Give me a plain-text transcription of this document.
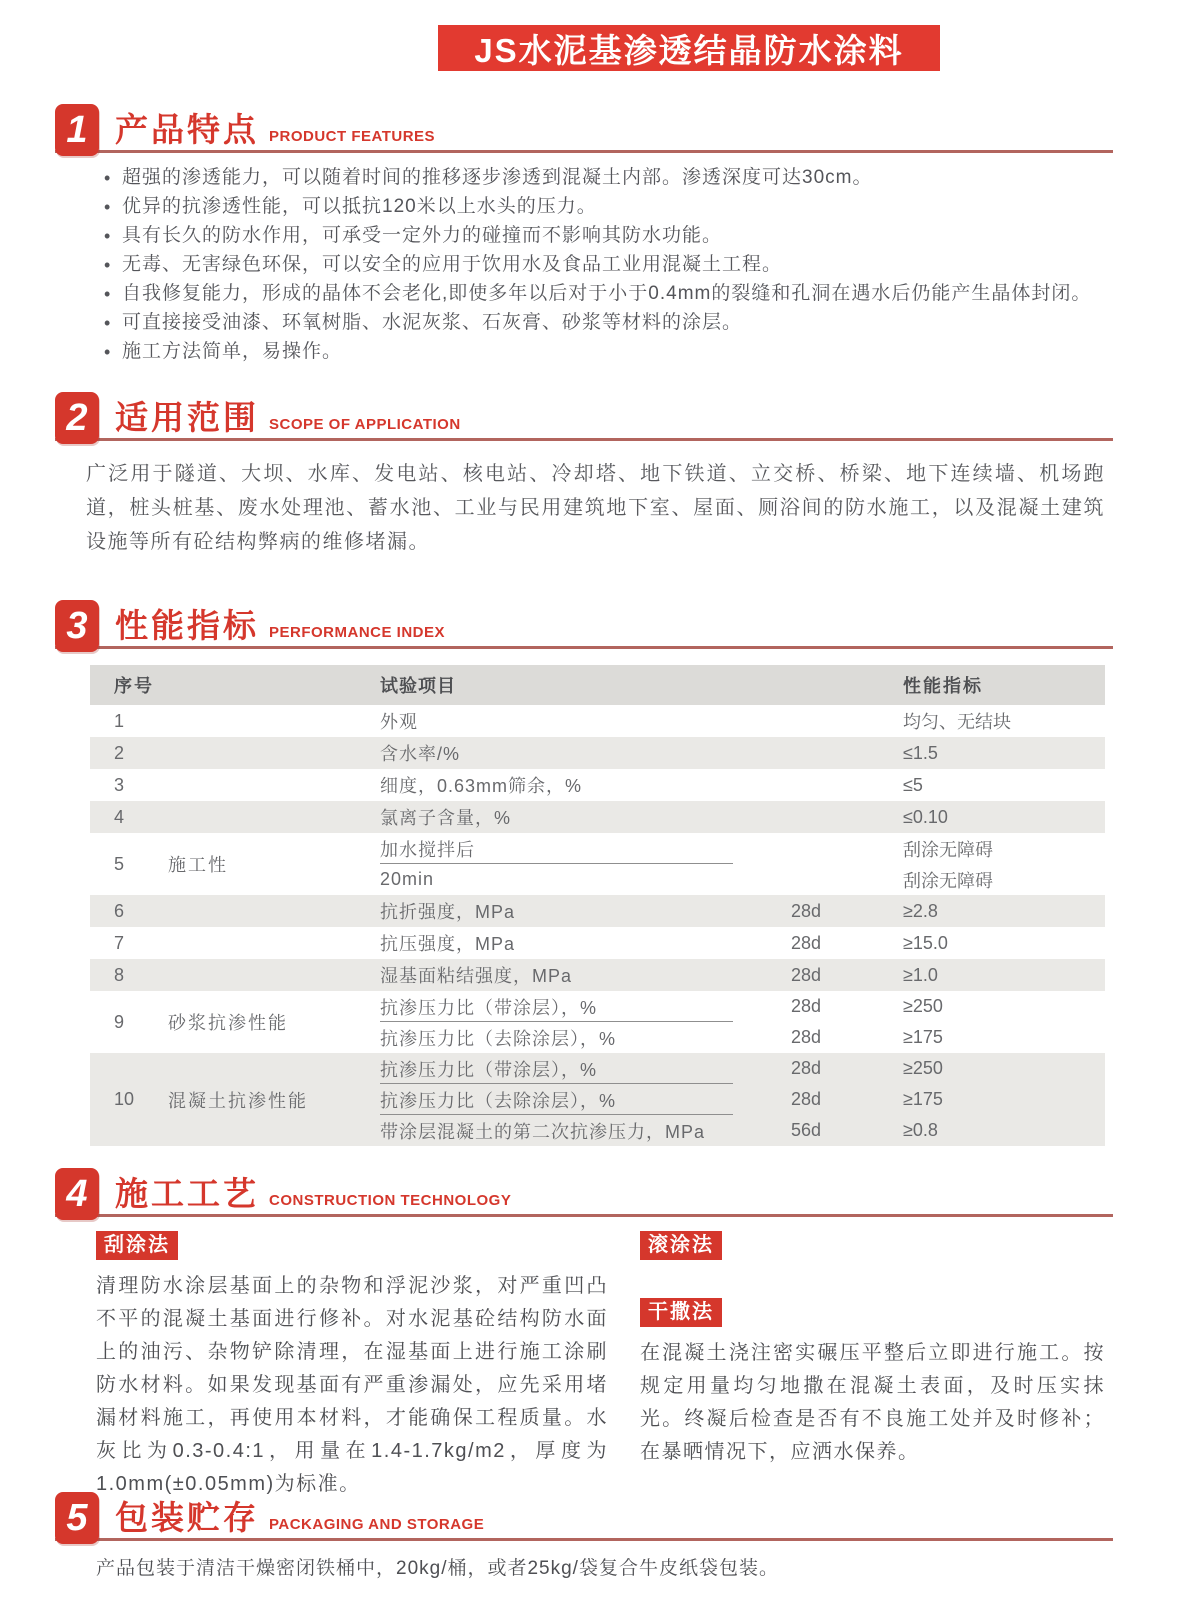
JS水泥基渗透结晶防水涂料
1 产品特点 PRODUCT FEATURES
• 超强的渗透能力，可以随着时间的推移逐步渗透到混凝土内部。渗透深度可达30cm。
• 优异的抗渗透性能，可以抵抗120米以上水头的压力。
• 具有长久的防水作用，可承受一定外力的碰撞而不影响其防水功能。
• 无毒、无害绿色环保，可以安全的应用于饮用水及食品工业用混凝土工程。
• 自我修复能力，形成的晶体不会老化,即使多年以后对于小于0.4mm的裂缝和孔洞在遇水后仍能产生晶体封闭。
• 可直接接受油漆、环氧树脂、水泥灰浆、石灰膏、砂浆等材料的涂层。
• 施工方法简单，易操作。
2 适用范围 SCOPE OF APPLICATION
广泛用于隧道、大坝、水库、发电站、核电站、冷却塔、地下铁道、立交桥、桥梁、地下连续墙、机场跑道，桩头桩基、废水处理池、蓄水池、工业与民用建筑地下室、屋面、厕浴间的防水施工，以及混凝土建筑设施等所有砼结构弊病的维修堵漏。
3 性能指标 PERFORMANCE INDEX
序号	试验项目	性能指标
1	外观	均匀、无结块
2	含水率/%	≤1.5
3	细度，0.63mm筛余，%	≤5
4	氯离子含量，%	≤0.10
5	施工性
加水搅拌后	刮涂无障碍
20min	刮涂无障碍
6	抗折强度，MPa	28d	≥2.8
7	抗压强度，MPa	28d	≥15.0
8	湿基面粘结强度，MPa	28d	≥1.0
9	砂浆抗渗性能
抗渗压力比（带涂层），%	28d	≥250
抗渗压力比（去除涂层），%	28d	≥175
10	混凝土抗渗性能
抗渗压力比（带涂层），%	28d	≥250
抗渗压力比（去除涂层），%	28d	≥175
带涂层混凝土的第二次抗渗压力，MPa	56d	≥0.8
4 施工工艺 CONSTRUCTION TECHNOLOGY
刮涂法
清理防水涂层基面上的杂物和浮泥沙浆，对严重凹凸不平的混凝土基面进行修补。对水泥基砼结构防水面上的油污、杂物铲除清理，在湿基面上进行施工涂刷防水材料。如果发现基面有严重渗漏处，应先采用堵漏材料施工，再使用本材料，才能确保工程质量。水灰比为0.3-0.4:1，用量在1.4-1.7kg/m2，厚度为1.0mm(±0.05mm)为标准。
滚涂法
干撒法
在混凝土浇注密实碾压平整后立即进行施工。按规定用量均匀地撒在混凝土表面，及时压实抹光。终凝后检查是否有不良施工处并及时修补；在暴晒情况下，应洒水保养。
5 包装贮存 PACKAGING AND STORAGE
产品包装于清洁干燥密闭铁桶中，20kg/桶，或者25kg/袋复合牛皮纸袋包装。
